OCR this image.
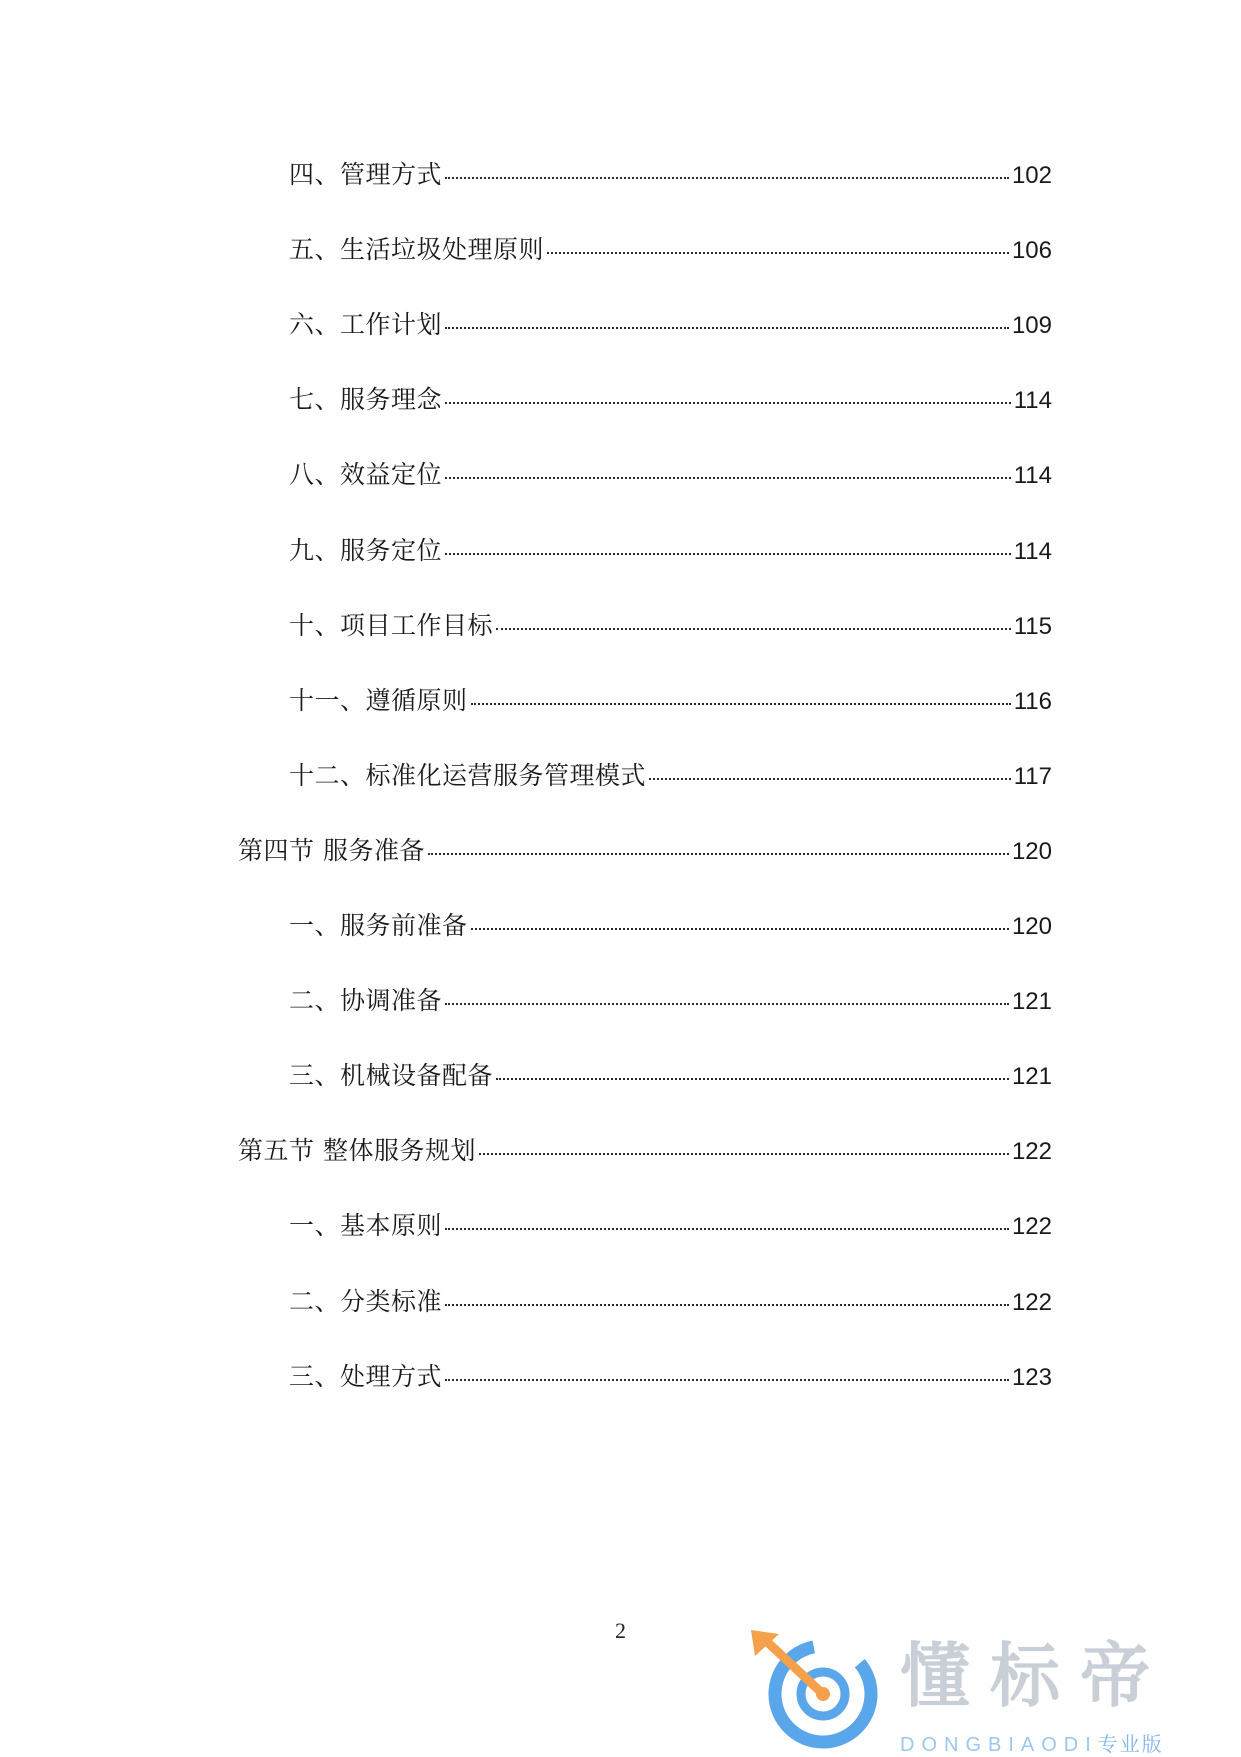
四、管理方式	102
五、生活垃圾处理原则	106
六、工作计划	109
七、服务理念	114
八、效益定位	114
九、服务定位	114
十、项目工作目标	115
十一、遵循原则	116
十二、标准化运营服务管理模式	117
第四节 服务准备	120
一、服务前准备	120
二、协调准备	121
三、机械设备配备	121
第五节 整体服务规划	122
一、基本原则	122
二、分类标准	122
三、处理方式	123
2
懂标帝
DONGBIAODI专业版
